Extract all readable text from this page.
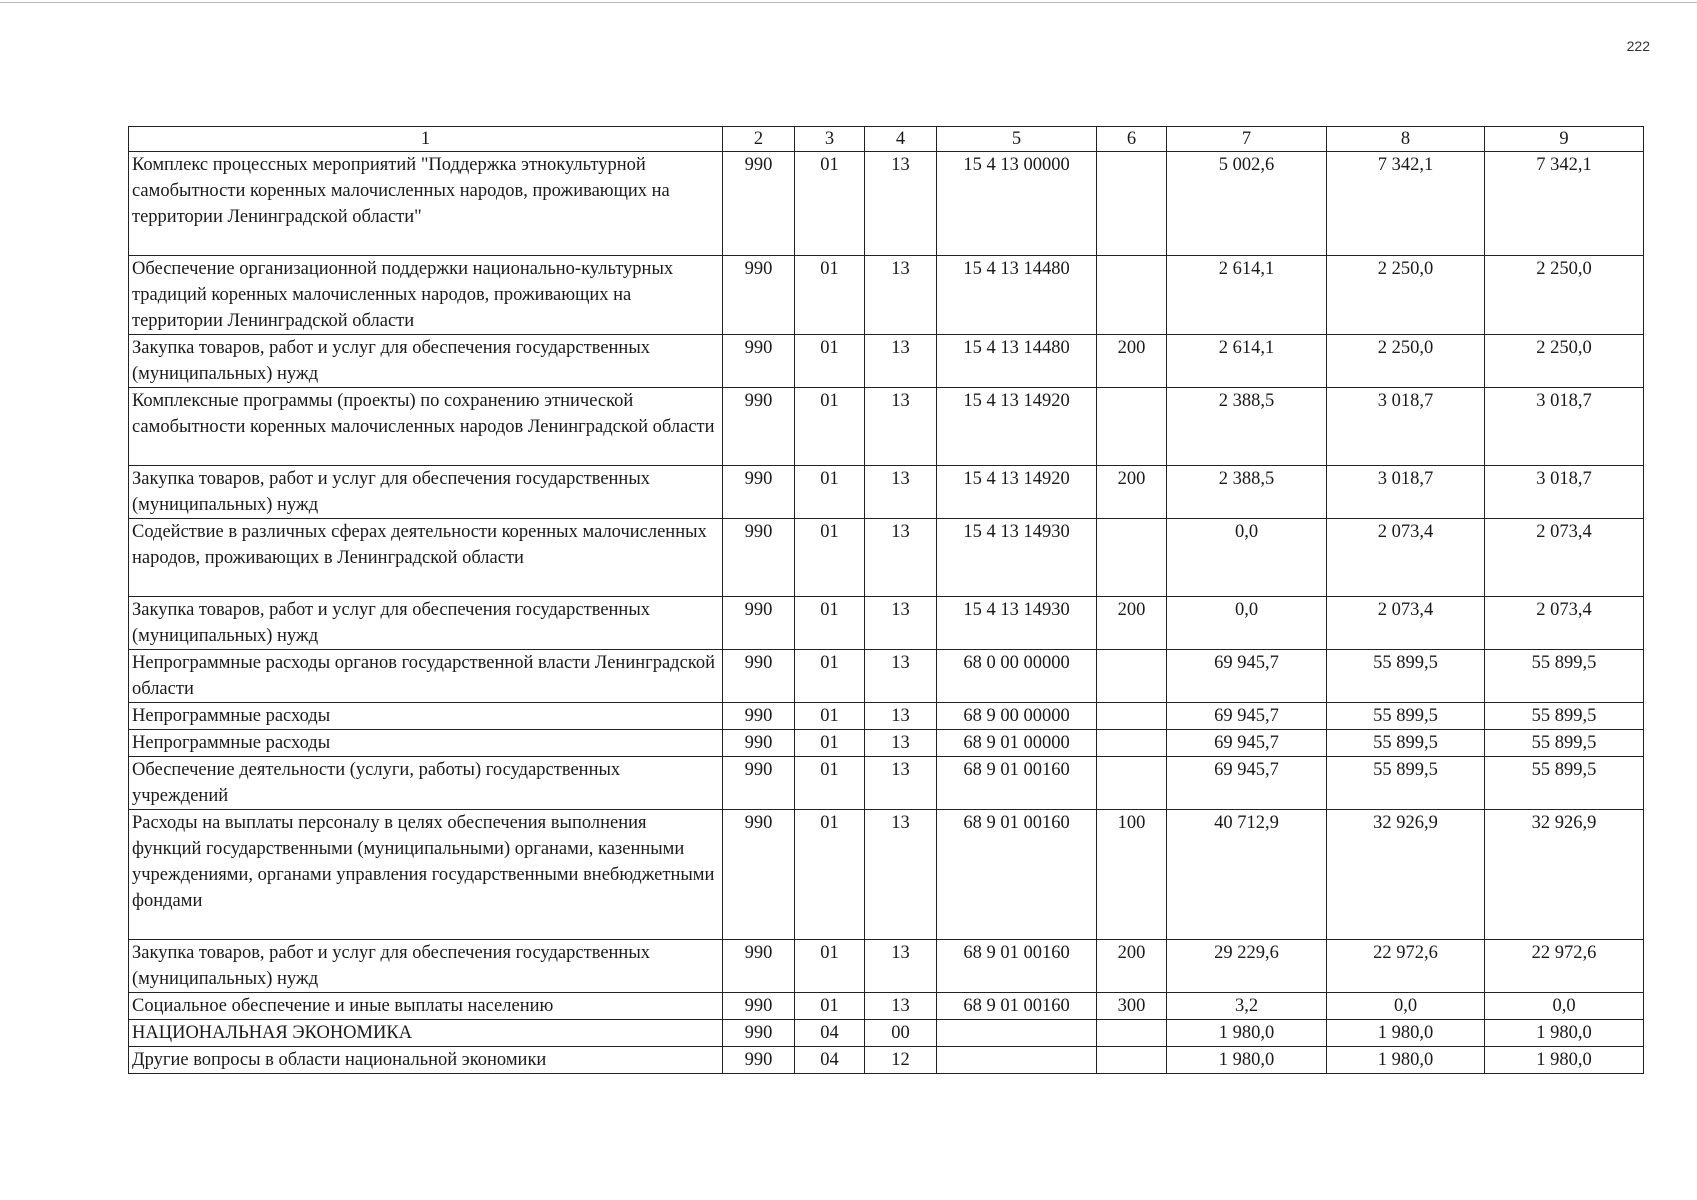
222
1	2	3	4	5	6	7	8	9
Комплекс процессных мероприятий "Поддержка этнокультурной самобытности коренных малочисленных народов, проживающих на территории Ленинградской области"	990	01	13	15 4 13 00000		5 002,6	7 342,1	7 342,1
Обеспечение организационной поддержки национально-культурных традиций коренных малочисленных народов, проживающих на территории Ленинградской области	990	01	13	15 4 13 14480		2 614,1	2 250,0	2 250,0
Закупка товаров, работ и услуг для обеспечения государственных (муниципальных) нужд	990	01	13	15 4 13 14480	200	2 614,1	2 250,0	2 250,0
Комплексные программы (проекты) по сохранению этнической самобытности коренных малочисленных народов Ленинградской области	990	01	13	15 4 13 14920		2 388,5	3 018,7	3 018,7
Закупка товаров, работ и услуг для обеспечения государственных (муниципальных) нужд	990	01	13	15 4 13 14920	200	2 388,5	3 018,7	3 018,7
Содействие в различных сферах деятельности коренных малочисленных народов, проживающих в Ленинградской области	990	01	13	15 4 13 14930		0,0	2 073,4	2 073,4
Закупка товаров, работ и услуг для обеспечения государственных (муниципальных) нужд	990	01	13	15 4 13 14930	200	0,0	2 073,4	2 073,4
Непрограммные расходы органов государственной власти Ленинградской области	990	01	13	68 0 00 00000		69 945,7	55 899,5	55 899,5
Непрограммные расходы	990	01	13	68 9 00 00000		69 945,7	55 899,5	55 899,5
Непрограммные расходы	990	01	13	68 9 01 00000		69 945,7	55 899,5	55 899,5
Обеспечение деятельности (услуги, работы) государственных учреждений	990	01	13	68 9 01 00160		69 945,7	55 899,5	55 899,5
Расходы на выплаты персоналу в целях обеспечения выполнения функций государственными (муниципальными) органами, казенными учреждениями, органами управления государственными внебюджетными фондами	990	01	13	68 9 01 00160	100	40 712,9	32 926,9	32 926,9
Закупка товаров, работ и услуг для обеспечения государственных (муниципальных) нужд	990	01	13	68 9 01 00160	200	29 229,6	22 972,6	22 972,6
Социальное обеспечение и иные выплаты населению	990	01	13	68 9 01 00160	300	3,2	0,0	0,0
НАЦИОНАЛЬНАЯ ЭКОНОМИКА	990	04	00			1 980,0	1 980,0	1 980,0
Другие вопросы в области национальной экономики	990	04	12			1 980,0	1 980,0	1 980,0
